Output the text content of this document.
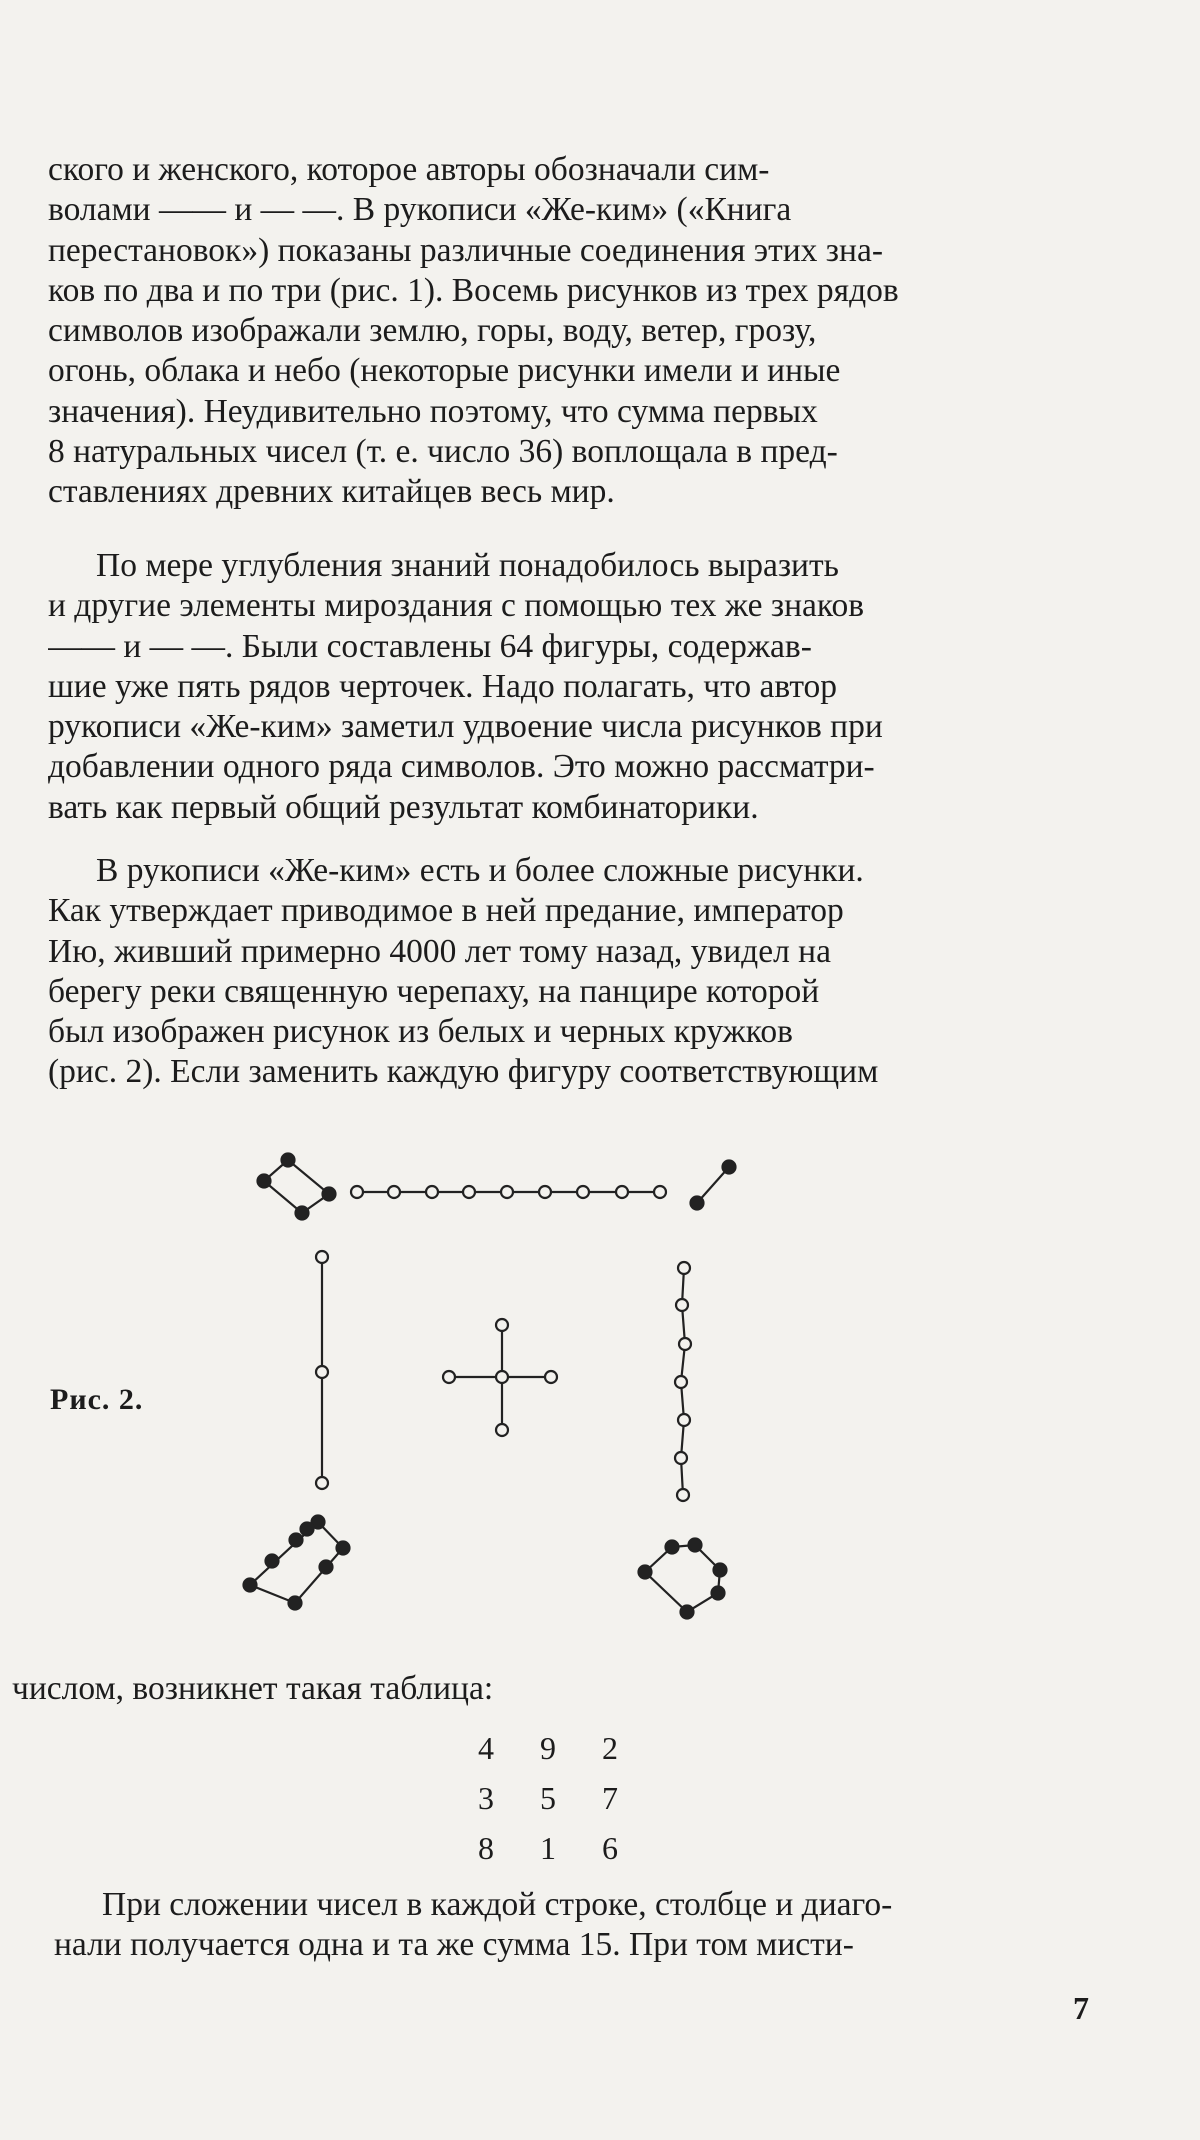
ского и женского, которое авторы обозначали сим-
волами —— и — —. В рукописи «Же-ким» («Книга
перестановок») показаны различные соединения этих зна-
ков по два и по три (рис. 1). Восемь рисунков из трех рядов
символов изображали землю, горы, воду, ветер, грозу,
огонь, облака и небо (некоторые рисунки имели и иные
значения). Неудивительно поэтому, что сумма первых
8 натуральных чисел (т. е. число 36) воплощала в пред-
ставлениях древних китайцев весь мир.
По мере углубления знаний понадобилось выразить
и другие элементы мироздания с помощью тех же знаков
—— и — —. Были составлены 64 фигуры, содержав-
шие уже пять рядов черточек. Надо полагать, что автор
рукописи «Же-ким» заметил удвоение числа рисунков при
добавлении одного ряда символов. Это можно рассматри-
вать как первый общий результат комбинаторики.
В рукописи «Же-ким» есть и более сложные рисунки.
Как утверждает приводимое в ней предание, император
Ию, живший примерно 4000 лет тому назад, увидел на
берегу реки священную черепаху, на панцире которой
был изображен рисунок из белых и черных кружков
(рис. 2). Если заменить каждую фигуру соответствующим
Рис. 2.
числом, возникнет такая таблица:
4	9	2
3	5	7
8	1	6
При сложении чисел в каждой строке, столбце и диаго-
нали получается одна и та же сумма 15. При том мисти-
7
